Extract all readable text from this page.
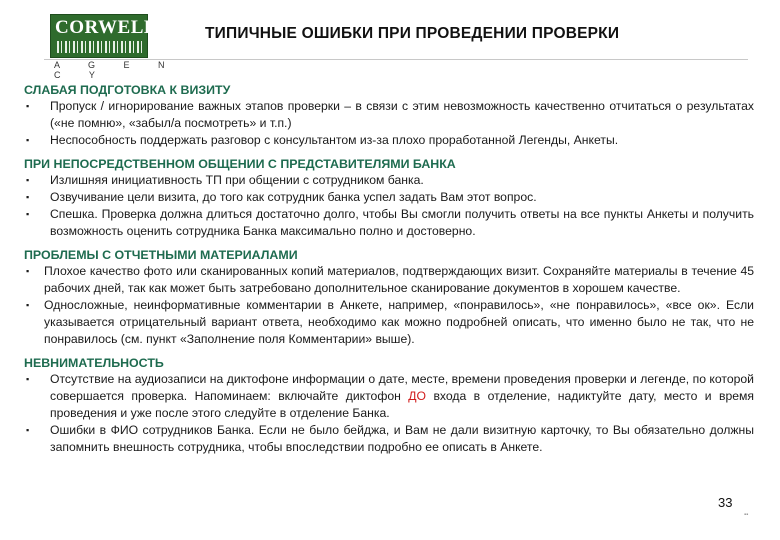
CORWELL
A G E N C Y
ТИПИЧНЫЕ ОШИБКИ ПРИ ПРОВЕДЕНИИ ПРОВЕРКИ

СЛАБАЯ ПОДГОТОВКА К ВИЗИТУ

▪ Пропуск / игнорирование важных этапов проверки – в связи с этим невозможность качественно отчитаться о результатах («не помню», «забыл/а посмотреть» и т.п.)
▪ Неспособность поддержать разговор с консультантом из-за плохо проработанной Легенды, Анкеты.

ПРИ НЕПОСРЕДСТВЕННОМ ОБЩЕНИИ С ПРЕДСТАВИТЕЛЯМИ БАНКА

▪ Излишняя инициативность ТП при общении с сотрудником банка.
▪ Озвучивание цели визита, до того как сотрудник банка успел задать Вам этот вопрос.
▪ Спешка. Проверка должна длиться достаточно долго, чтобы Вы смогли получить ответы на все пункты Анкеты и получить возможность оценить сотрудника Банка максимально полно и достоверно.

ПРОБЛЕМЫ С ОТЧЕТНЫМИ МАТЕРИАЛАМИ

▪ Плохое качество фото или сканированных копий материалов, подтверждающих визит. Сохраняйте материалы в течение 45 рабочих дней, так как может быть затребовано дополнительное сканирование документов в хорошем качестве.
▪ Односложные, неинформативные комментарии в Анкете, например, «понравилось», «не понравилось», «все ок». Если указывается отрицательный вариант ответа, необходимо как можно подробней описать, что именно было не так, что не понравилось (см. пункт «Заполнение поля Комментарии» выше).

НЕВНИМАТЕЛЬНОСТЬ

▪ Отсутствие на аудиозаписи на диктофоне информации о дате, месте, времени проведения проверки и легенде, по которой совершается проверка. Напоминаем: включайте диктофон ДО входа в отделение, надиктуйте дату, место и время проведения и уже после этого следуйте в отделение Банка.
▪ Ошибки в ФИО сотрудников Банка. Если не было бейджа, и Вам не дали визитную карточку, то Вы обязательно должны запомнить внешность сотрудника, чтобы впоследствии подробно ее описать в Анкете.
33
▪▪
